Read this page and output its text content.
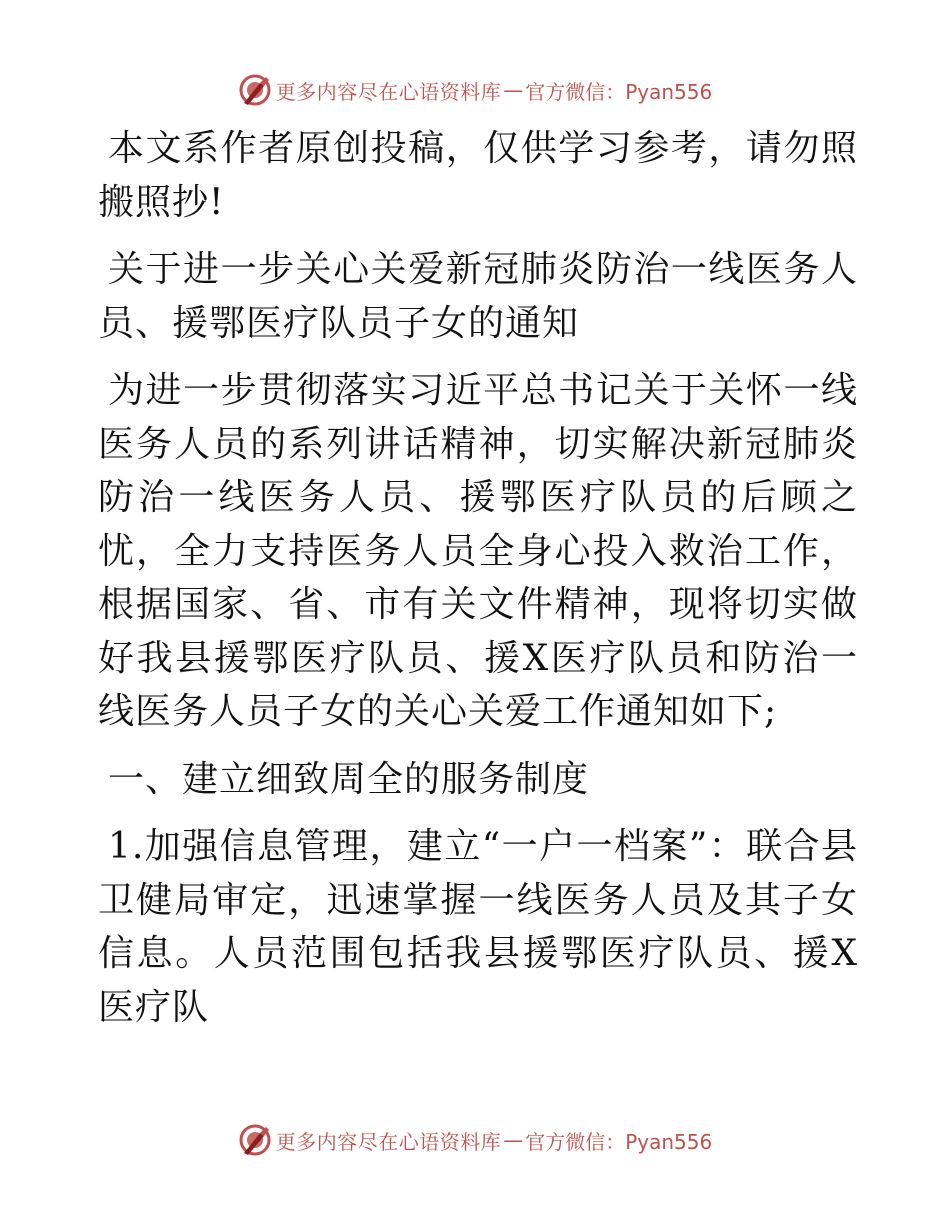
更多内容尽在心语资料库 — 官方微信：Pyan556

本文系作者原创投稿，仅供学习参考，请勿照搬照抄!

关于进一步关心关爱新冠肺炎防治一线医务人员、援鄂医疗队员子女的通知

为进一步贯彻落实习近平总书记关于关怀一线医务人员的系列讲话精神，切实解决新冠肺炎防治一线医务人员、援鄂医疗队员的后顾之忧，全力支持医务人员全身心投入救治工作，根据国家、省、市有关文件精神，现将切实做好我县援鄂医疗队员、援X医疗队员和防治一线医务人员子女的关心关爱工作通知如下;

一、建立细致周全的服务制度

1.加强信息管理，建立“一户一档案”：联合县卫健局审定，迅速掌握一线医务人员及其子女信息。人员范围包括我县援鄂医疗队员、援X医疗队

更多内容尽在心语资料库 — 官方微信：Pyan556
